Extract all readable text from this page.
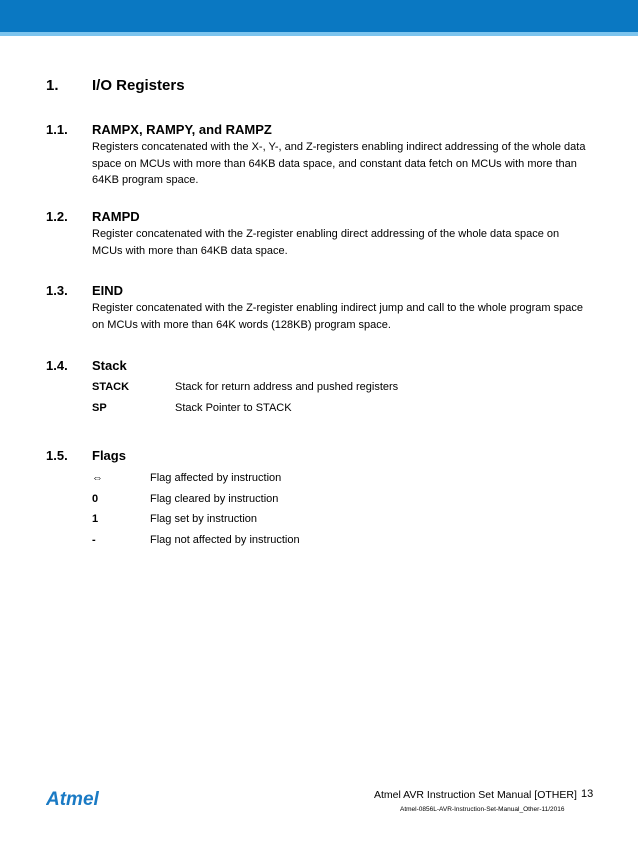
1. I/O Registers
1.1. RAMPX, RAMPY, and RAMPZ
Registers concatenated with the X-, Y-, and Z-registers enabling indirect addressing of the whole data space on MCUs with more than 64KB data space, and constant data fetch on MCUs with more than 64KB program space.
1.2. RAMPD
Register concatenated with the Z-register enabling direct addressing of the whole data space on MCUs with more than 64KB data space.
1.3. EIND
Register concatenated with the Z-register enabling indirect jump and call to the whole program space on MCUs with more than 64K words (128KB) program space.
1.4. Stack
STACK	Stack for return address and pushed registers
SP	Stack Pointer to STACK
1.5. Flags
⇔	Flag affected by instruction
0	Flag cleared by instruction
1	Flag set by instruction
-	Flag not affected by instruction
Atmel	Atmel AVR Instruction Set Manual [OTHER] 13
Atmel-0856L-AVR-Instruction-Set-Manual_Other-11/2016
